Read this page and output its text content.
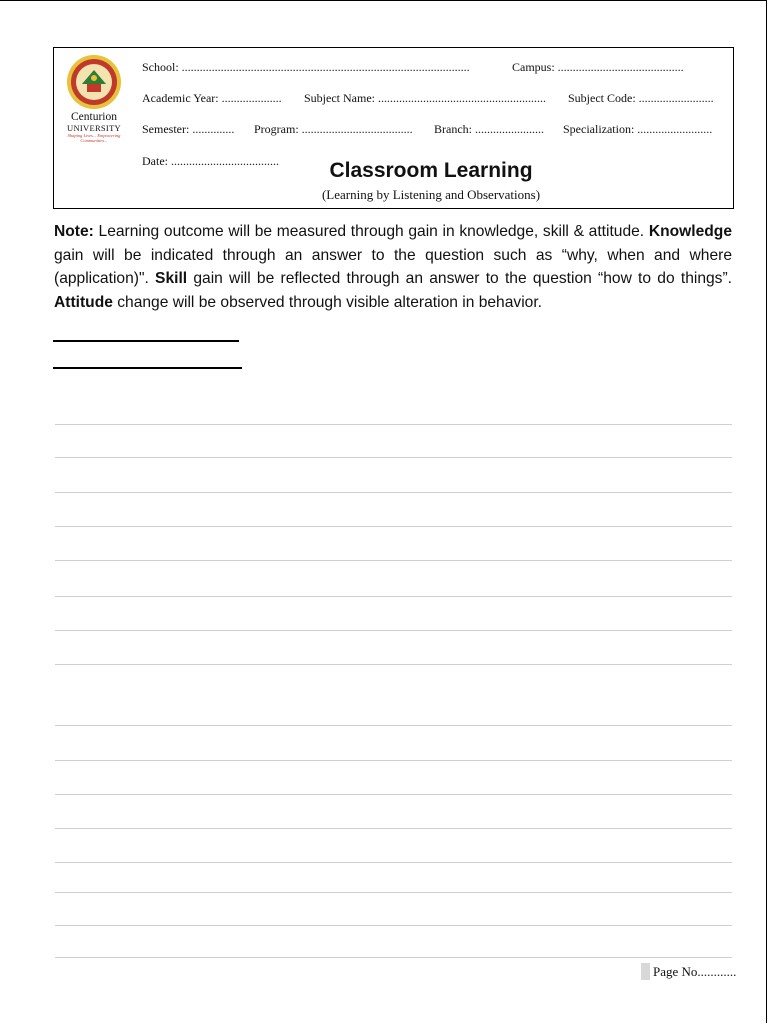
Centurion
UNIVERSITY
Shaping Lives... Empowering Communities...
School: ................................................................................................	Campus: ..........................................
Academic Year: .................... Subject Name: ........................................................ Subject Code: .........................
Semester: .............. Program: ..................................... Branch: ....................... Specialization: .........................
Date: ....................................	Classroom Learning
(Learning by Listening and Observations)
Note: Learning outcome will be measured through gain in knowledge, skill & attitude. Knowledge gain will be indicated through an answer to the question such as “why, when and where (application)". Skill gain will be reflected through an answer to the question “how to do things”. Attitude change will be observed through visible alteration in behavior.
Page No............
